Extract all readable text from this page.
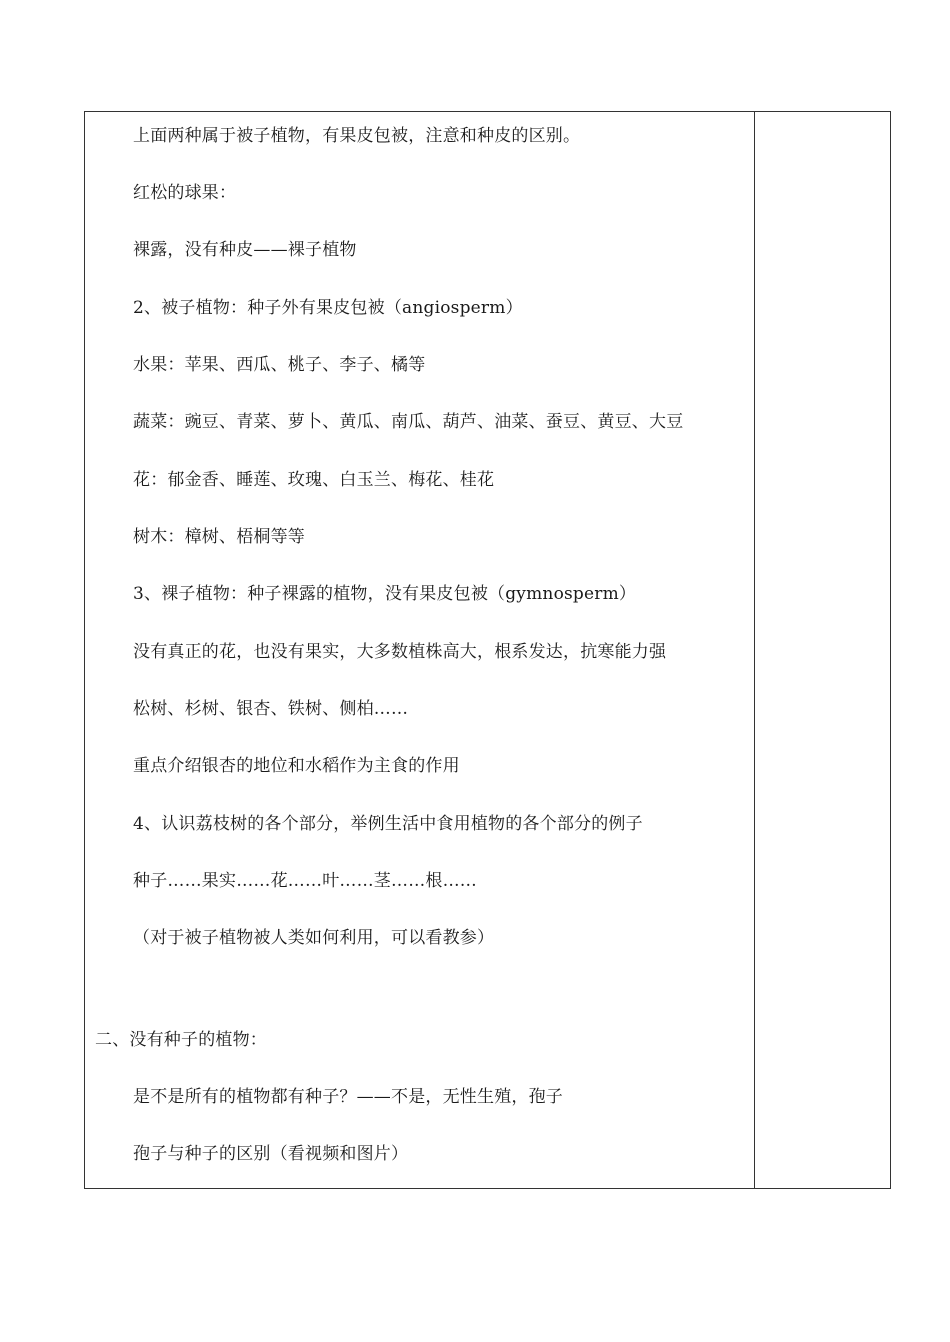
上面两种属于被子植物，有果皮包被，注意和种皮的区别。
红松的球果：
裸露，没有种皮——裸子植物
2、被子植物：种子外有果皮包被（angiosperm）
水果：苹果、西瓜、桃子、李子、橘等
蔬菜：豌豆、青菜、萝卜、黄瓜、南瓜、葫芦、油菜、蚕豆、黄豆、大豆
花：郁金香、睡莲、玫瑰、白玉兰、梅花、桂花
树木：樟树、梧桐等等
3、裸子植物：种子裸露的植物，没有果皮包被（gymnosperm）
没有真正的花，也没有果实，大多数植株高大，根系发达，抗寒能力强
松树、杉树、银杏、铁树、侧柏……
重点介绍银杏的地位和水稻作为主食的作用
4、认识荔枝树的各个部分，举例生活中食用植物的各个部分的例子
种子……果实……花……叶……茎……根……
（对于被子植物被人类如何利用，可以看教参）
二、没有种子的植物：
是不是所有的植物都有种子？——不是，无性生殖，孢子
孢子与种子的区别（看视频和图片）
